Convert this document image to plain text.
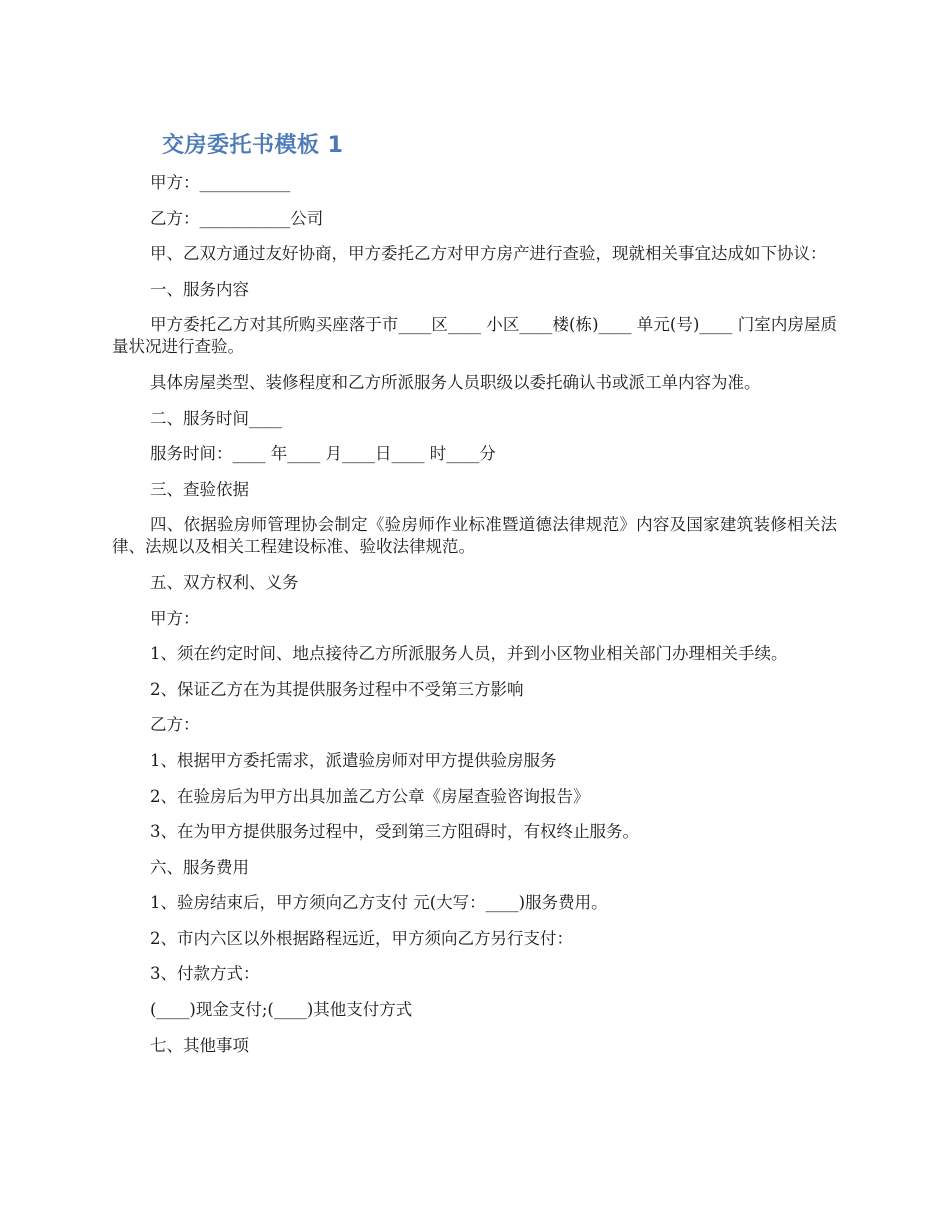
交房委托书模板 1

甲方：___________

乙方：___________公司

甲、乙双方通过友好协商，甲方委托乙方对甲方房产进行查验，现就相关事宜达成如下协议：

一、服务内容

甲方委托乙方对其所购买座落于市____区____ 小区____楼(栋)____ 单元(号)____ 门室内房屋质量状况进行查验。

具体房屋类型、装修程度和乙方所派服务人员职级以委托确认书或派工单内容为准。

二、服务时间____

服务时间：____ 年____ 月____日____ 时____分

三、查验依据

四、依据验房师管理协会制定《验房师作业标准暨道德法律规范》内容及国家建筑装修相关法律、法规以及相关工程建设标准、验收法律规范。

五、双方权利、义务

甲方：

1、须在约定时间、地点接待乙方所派服务人员，并到小区物业相关部门办理相关手续。

2、保证乙方在为其提供服务过程中不受第三方影响

乙方：

1、根据甲方委托需求，派遣验房师对甲方提供验房服务

2、在验房后为甲方出具加盖乙方公章《房屋查验咨询报告》

3、在为甲方提供服务过程中，受到第三方阻碍时，有权终止服务。

六、服务费用

1、验房结束后，甲方须向乙方支付 元(大写：____)服务费用。

2、市内六区以外根据路程远近，甲方须向乙方另行支付：

3、付款方式：

(____)现金支付;(____)其他支付方式

七、其他事项
